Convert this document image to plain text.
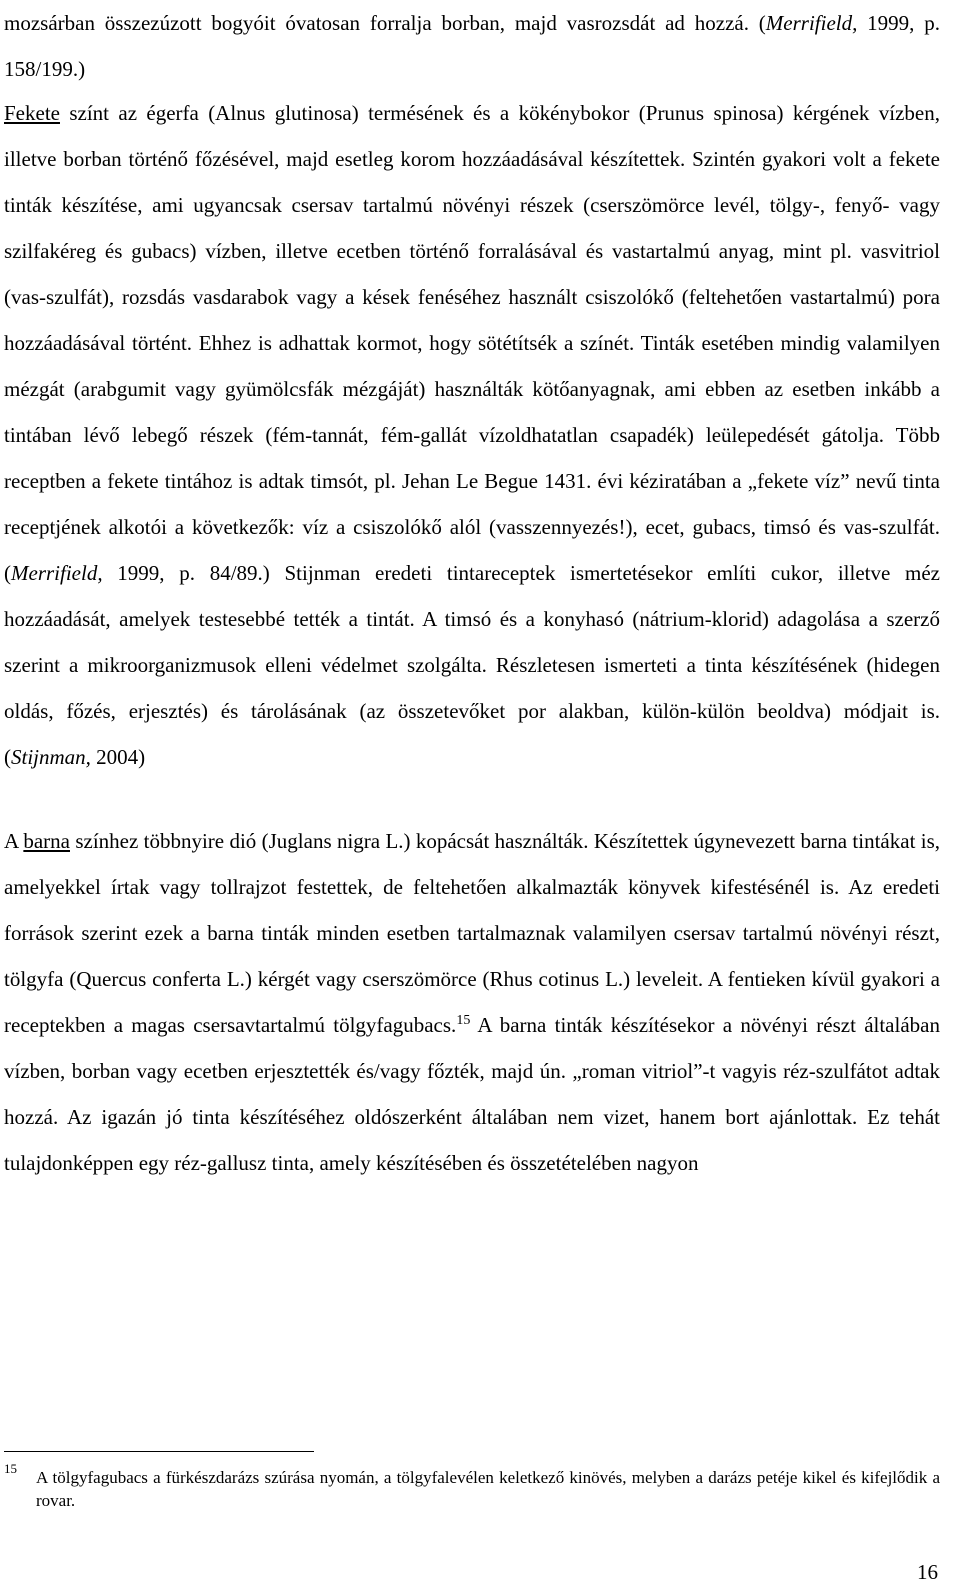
mozsárban összezúzott bogyóit óvatosan forralja borban, majd vasrozsdát ad hozzá. (Merrifield, 1999, p. 158/199.)

Fekete színt az égerfa (Alnus glutinosa) termésének és a kökénybokor (Prunus spinosa) kérgének vízben, illetve borban történő főzésével, majd esetleg korom hozzáadásával készítettek. Szintén gyakori volt a fekete tinták készítése, ami ugyancsak csersav tartalmú növényi részek (cserszömörce levél, tölgy-, fenyő- vagy szilfakéreg és gubacs) vízben, illetve ecetben történő forralásával és vastartalmú anyag, mint pl. vasvitriol (vas-szulfát), rozsdás vasdarabok vagy a kések fenéséhez használt csiszolókő (feltehetően vastartalmú) pora hozzáadásával történt. Ehhez is adhattak kormot, hogy sötétítsék a színét. Tinták esetében mindig valamilyen mézgát (arabgumit vagy gyümölcsfák mézgáját) használták kötőanyagnak, ami ebben az esetben inkább a tintában lévő lebegő részek (fém-tannát, fém-gallát vízoldhatatlan csapadék) leülepedését gátolja. Több receptben a fekete tintához is adtak timsót, pl. Jehan Le Begue 1431. évi kéziratában a „fekete víz” nevű tinta receptjének alkotói a következők: víz a csiszolókő alól (vasszennyezés!), ecet, gubacs, timsó és vas-szulfát. (Merrifield, 1999, p. 84/89.) Stijnman eredeti tintareceptek ismertetésekor említi cukor, illetve méz hozzáadását, amelyek testesebbé tették a tintát. A timsó és a konyhasó (nátrium-klorid) adagolása a szerző szerint a mikroorganizmusok elleni védelmet szolgálta. Részletesen ismerteti a tinta készítésének (hidegen oldás, főzés, erjesztés) és tárolásának (az összetevőket por alakban, külön-külön beoldva) módjait is. (Stijnman, 2004)

A barna színhez többnyire dió (Juglans nigra L.) kopácsát használták. Készítettek úgynevezett barna tintákat is, amelyekkel írtak vagy tollrajzot festettek, de feltehetően alkalmazták könyvek kifestésénél is. Az eredeti források szerint ezek a barna tinták minden esetben tartalmaznak valamilyen csersav tartalmú növényi részt, tölgyfa (Quercus conferta L.) kérgét vagy cserszömörce (Rhus cotinus L.) leveleit. A fentieken kívül gyakori a receptekben a magas csersavtartalmú tölgyfagubacs.$^{15}$ A barna tinták készítésekor a növényi részt általában vízben, borban vagy ecetben erjesztették és/vagy főzték, majd ún. „roman vitriol”-t vagyis réz-szulfátot adtak hozzá. Az igazán jó tinta készítéséhez oldószerként általában nem vizet, hanem bort ajánlottak. Ez tehát tulajdonképpen egy réz-gallusz tinta, amely készítésében és összetételében nagyon

15 A tölgyfagubacs a fürkészdarázs szúrása nyomán, a tölgyfalevélen keletkező kinövés, melyben a darázs petéje kikel és kifejlődik a rovar.
16
